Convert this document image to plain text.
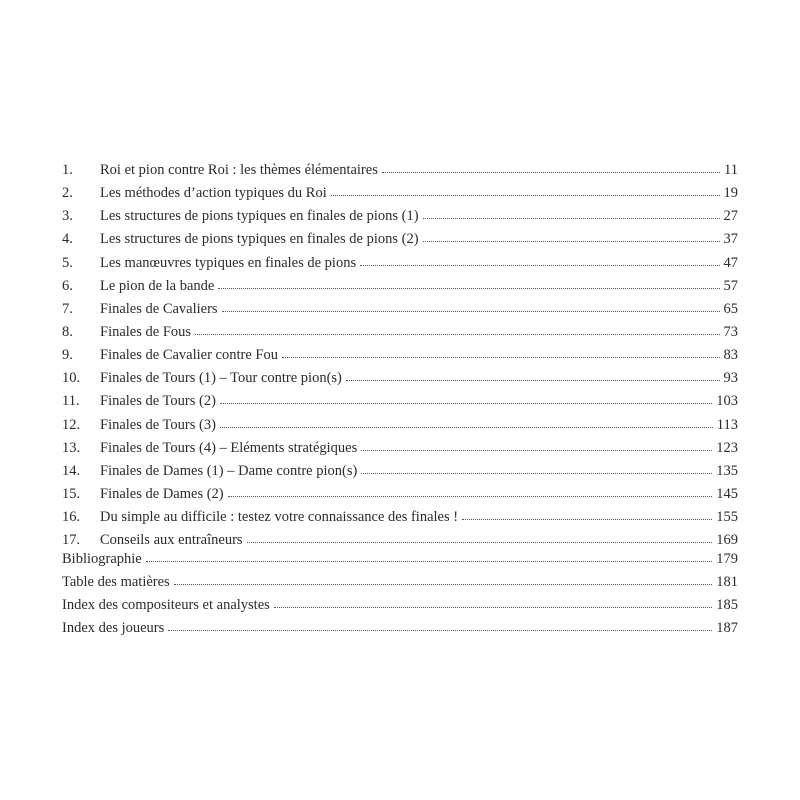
1.	Roi et pion contre Roi : les thèmes élémentaires	11
2.	Les méthodes d’action typiques du Roi	19
3.	Les structures de pions typiques en finales de pions (1)	27
4.	Les structures de pions typiques en finales de pions (2)	37
5.	Les manœuvres typiques en finales de pions	47
6.	Le pion de la bande	57
7.	Finales de Cavaliers	65
8.	Finales de Fous	73
9.	Finales de Cavalier contre Fou	83
10.	Finales de Tours (1) – Tour contre pion(s)	93
11.	Finales de Tours (2)	103
12.	Finales de Tours (3)	113
13.	Finales de Tours (4) – Eléments stratégiques	123
14.	Finales de Dames (1) – Dame contre pion(s)	135
15.	Finales de Dames (2)	145
16.	Du simple au difficile : testez votre connaissance des finales !	155
17.	Conseils aux entraîneurs	169
Bibliographie	179
Table des matières	181
Index des compositeurs et analystes	185
Index des joueurs	187
